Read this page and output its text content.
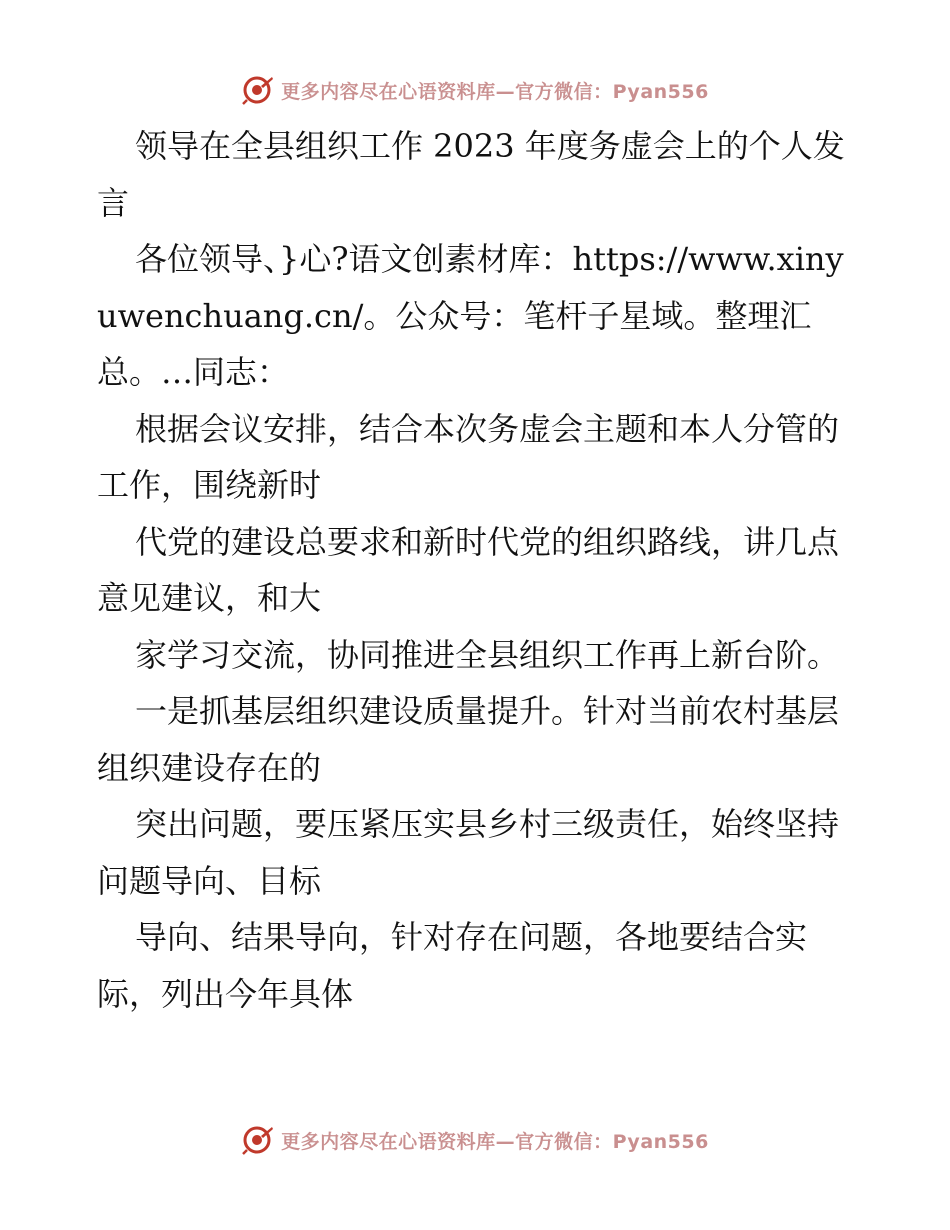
更多内容尽在心语资料库—官方微信：Pyan556

领导在全县组织工作 2023 年度务虚会上的个人发言

各位领导、}心?语文创素材库：https://www.xinyuwenchuang.cn/。公众号：笔杆子星域。整理汇总。…同志：

根据会议安排，结合本次务虚会主题和本人分管的工作，围绕新时

代党的建设总要求和新时代党的组织路线，讲几点意见建议，和大

家学习交流，协同推进全县组织工作再上新台阶。

一是抓基层组织建设质量提升。针对当前农村基层组织建设存在的

突出问题，要压紧压实县乡村三级责任，始终坚持问题导向、目标

导向、结果导向，针对存在问题，各地要结合实际，列出今年具体

更多内容尽在心语资料库—官方微信：Pyan556
